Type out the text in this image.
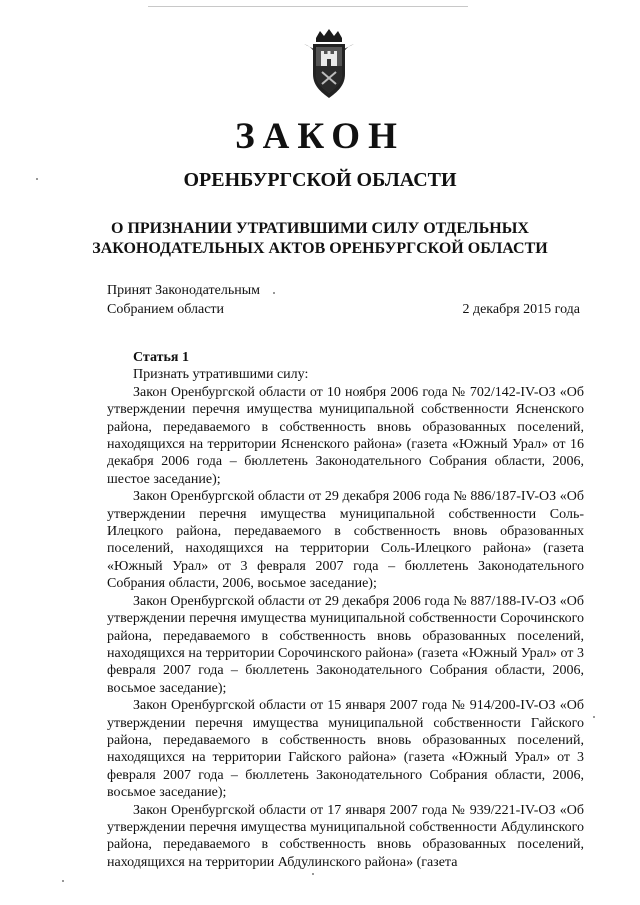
ЗАКОН
ОРЕНБУРГСКОЙ ОБЛАСТИ
О ПРИЗНАНИИ УТРАТИВШИМИ СИЛУ ОТДЕЛЬНЫХ
ЗАКОНОДАТЕЛЬНЫХ АКТОВ ОРЕНБУРГСКОЙ ОБЛАСТИ
Принят Законодательным
Собранием области	2 декабря 2015 года

Статья 1

Признать утратившими силу:

Закон Оренбургской области от 10 ноября 2006 года № 702/142-IV-ОЗ «Об утверждении перечня имущества муниципальной собственности Ясненского района, передаваемого в собственность вновь образованных поселений, находящихся на территории Ясненского района» (газета «Южный Урал» от 16 декабря 2006 года – бюллетень Законодательного Собрания области, 2006, шестое заседание);

Закон Оренбургской области от 29 декабря 2006 года № 886/187-IV-ОЗ «Об утверждении перечня имущества муниципальной собственности Соль-Илецкого района, передаваемого в собственность вновь образованных поселений, находящихся на территории Соль-Илецкого района» (газета «Южный Урал» от 3 февраля 2007 года – бюллетень Законодательного Собрания области, 2006, восьмое заседание);

Закон Оренбургской области от 29 декабря 2006 года № 887/188-IV-ОЗ «Об утверждении перечня имущества муниципальной собственности Сорочинского района, передаваемого в собственность вновь образованных поселений, находящихся на территории Сорочинского района» (газета «Южный Урал» от 3 февраля 2007 года – бюллетень Законодательного Собрания области, 2006, восьмое заседание);

Закон Оренбургской области от 15 января 2007 года № 914/200-IV-ОЗ «Об утверждении перечня имущества муниципальной собственности Гайского района, передаваемого в собственность вновь образованных поселений, находящихся на территории Гайского района» (газета «Южный Урал» от 3 февраля 2007 года – бюллетень Законодательного Собрания области, 2006, восьмое заседание);

Закон Оренбургской области от 17 января 2007 года № 939/221-IV-ОЗ «Об утверждении перечня имущества муниципальной собственности Абдулинского района, передаваемого в собственность вновь образованных поселений, находящихся на территории Абдулинского района» (газета
